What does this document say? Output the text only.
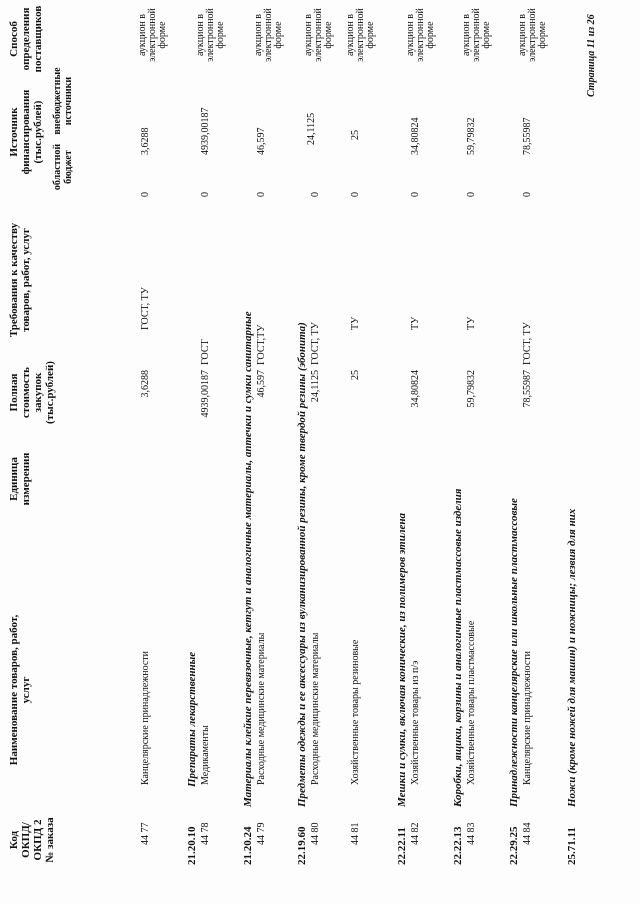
Код ОКПД/ ОКПД 2 № заказа
Наименование товаров, работ, услуг
Единица измерения
Полная стоимость закупок (тыс.рублей)
Требования к качеству товаров, работ, услуг
Источник финансирования (тыс.рублей)
областной бюджет
внебюджетные источники
Способ определения поставщиков
44 77
Канцелярские принадлежности
3,6288
ГОСТ, ТУ
0
3,6288
аукцион в электронной форме
21.20.10
Препараты лекарственные
44 78
Медикаменты
4939,00187
ГОСТ
0
4939,00187
аукцион в электронной форме
21.20.24
Материалы клейкие перевязочные, кетгут и аналогичные материалы, аптечки и сумки санитарные
44 79
Расходные медицинские материалы
46,597
ГОСТ,ТУ
0
46,597
аукцион в электронной форме
22.19.60
Предметы одежды и ее аксессуары из вулканизированной резины, кроме твердой резины (эбонита)
44 80
Расходные медицинские материалы
24,1125
ГОСТ, ТУ
0
24,1125
аукцион в электронной форме
44 81
Хозяйственные товары резиновые
25
ТУ
0
25
аукцион в электронной форме
22.22.11
Мешки и сумки, включая конические, из полимеров этилена
44 82
Хозяйственные товары из п/э
34,80824
ТУ
0
34,80824
аукцион в электронной форме
22.22.13
Коробки, ящики, корзины и аналогичные пластмассовые изделия
44 83
Хозяйственные товары пластмассовые
59,79832
ТУ
0
59,79832
аукцион в электронной форме
22.29.25
Принадлежности канцелярские или школьные пластмассовые
44 84
Канцелярские принадлежности
78,55987
ГОСТ, ТУ
0
78,55987
аукцион в электронной форме
25.71.11
Ножи (кроме ножей для машин) и ножницы; лезвия для них
Страница 11 из 26
